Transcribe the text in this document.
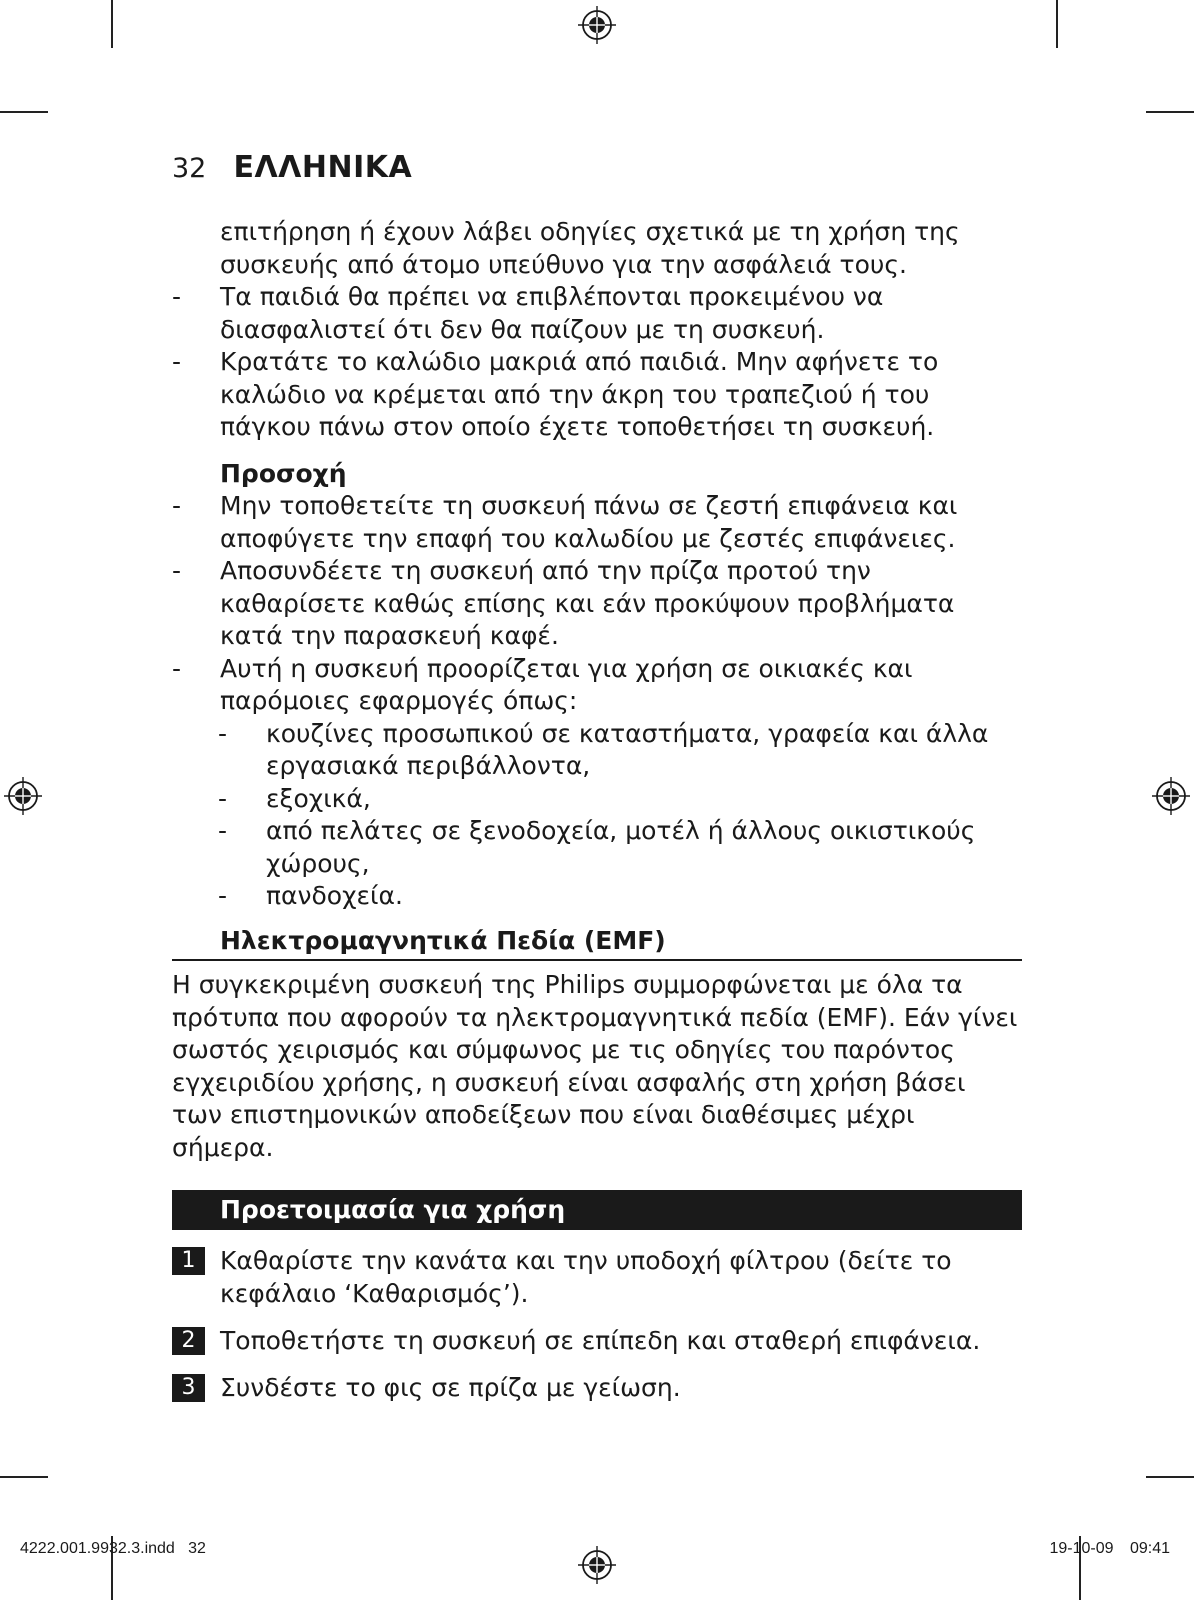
32 ΕΛΛΗΝΙΚΑ
επιτήρηση ή έχουν λάβει οδηγίες σχετικά με τη χρήση της συσκευής από άτομο υπεύθυνο για την ασφάλειά τους.
- Τα παιδιά θα πρέπει να επιβλέπονται προκειμένου να διασφαλιστεί ότι δεν θα παίζουν με τη συσκευή.
- Κρατάτε το καλώδιο μακριά από παιδιά. Μην αφήνετε το καλώδιο να κρέμεται από την άκρη του τραπεζιού ή του πάγκου πάνω στον οποίο έχετε τοποθετήσει τη συσκευή.
Προσοχή
- Μην τοποθετείτε τη συσκευή πάνω σε ζεστή επιφάνεια και αποφύγετε την επαφή του καλωδίου με ζεστές επιφάνειες.
- Αποσυνδέετε τη συσκευή από την πρίζα προτού την καθαρίσετε καθώς επίσης και εάν προκύψουν προβλήματα κατά την παρασκευή καφέ.
- Αυτή η συσκευή προορίζεται για χρήση σε οικιακές και παρόμοιες εφαρμογές όπως:
- κουζίνες προσωπικού σε καταστήματα, γραφεία και άλλα εργασιακά περιβάλλοντα,
- εξοχικά,
- από πελάτες σε ξενοδοχεία, μοτέλ ή άλλους οικιστικούς χώρους,
- πανδοχεία.
Ηλεκτρομαγνητικά Πεδία (EMF)
Η συγκεκριμένη συσκευή της Philips συμμορφώνεται με όλα τα πρότυπα που αφορούν τα ηλεκτρομαγνητικά πεδία (EMF). Εάν γίνει σωστός χειρισμός και σύμφωνος με τις οδηγίες του παρόντος εγχειριδίου χρήσης, η συσκευή είναι ασφαλής στη χρήση βάσει των επιστημονικών αποδείξεων που είναι διαθέσιμες μέχρι σήμερα.
Προετοιμασία για χρήση
1 Καθαρίστε την κανάτα και την υποδοχή φίλτρου (δείτε το κεφάλαιο ‘Καθαρισμός’).
2 Τοποθετήστε τη συσκευή σε επίπεδη και σταθερή επιφάνεια.
3 Συνδέστε το φις σε πρίζα με γείωση.
4222.001.9932.3.indd   32	19-10-09 09:41
